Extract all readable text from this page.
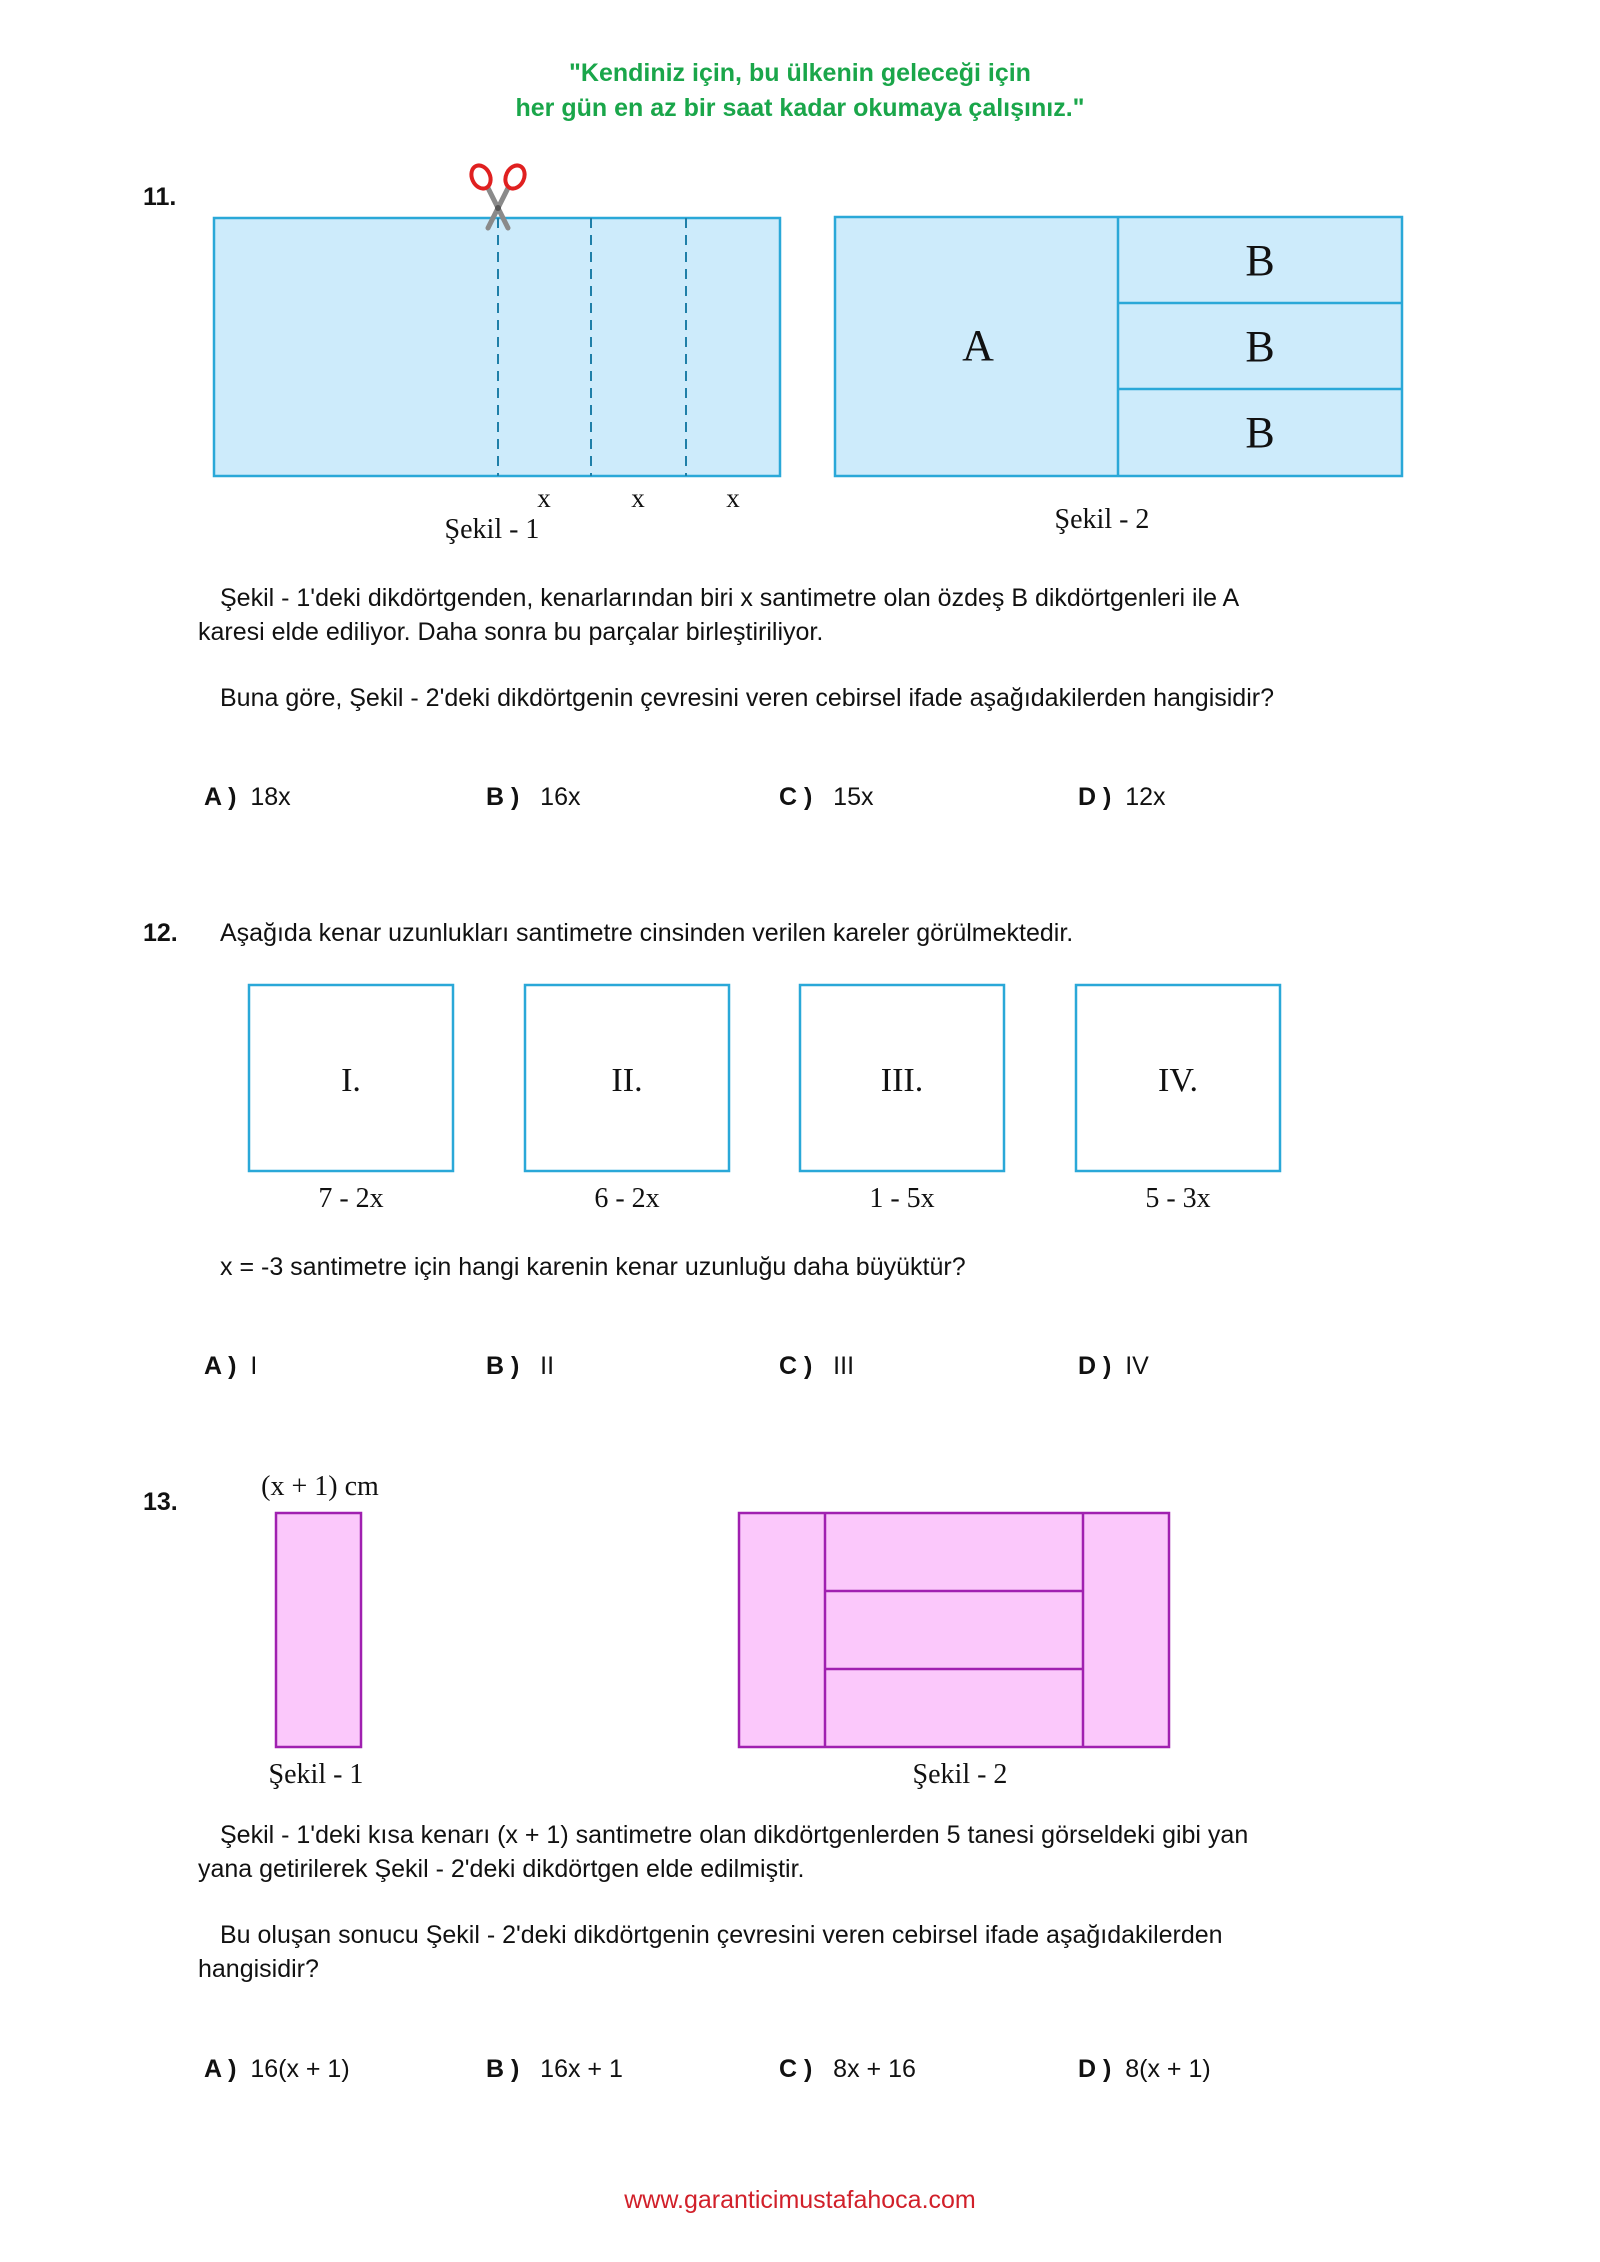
"Kendiniz için, bu ülkenin geleceği için
her gün en az bir saat kadar okumaya çalışınız."
11.
x	x	x
Şekil - 1
A
B
B
B
Şekil - 2
Şekil - 1'deki dikdörtgenden, kenarlarından biri x santimetre olan özdeş B dikdörtgenleri ile A
karesi elde ediliyor. Daha sonra bu parçalar birleştiriliyor.
Buna göre, Şekil - 2'deki dikdörtgenin çevresini veren cebirsel ifade aşağıdakilerden hangisidir?
A ) 18x	B ) 16x	C ) 15x	D ) 12x
12. Aşağıda kenar uzunlukları santimetre cinsinden verilen kareler görülmektedir.
I.	II.	III.	IV.
7 - 2x	6 - 2x	1 - 5x	5 - 3x
x = -3 santimetre için hangi karenin kenar uzunluğu daha büyüktür?
A ) I	B ) II	C ) III	D ) IV
13.	(x + 1) cm
Şekil - 1	Şekil - 2
Şekil - 1'deki kısa kenarı (x + 1) santimetre olan dikdörtgenlerden 5 tanesi görseldeki gibi yan
yana getirilerek Şekil - 2'deki dikdörtgen elde edilmiştir.
Bu oluşan sonucu Şekil - 2'deki dikdörtgenin çevresini veren cebirsel ifade aşağıdakilerden
hangisidir?
A ) 16(x + 1)	B ) 16x + 1	C ) 8x + 16	D ) 8(x + 1)
www.garanticimustafahoca.com
